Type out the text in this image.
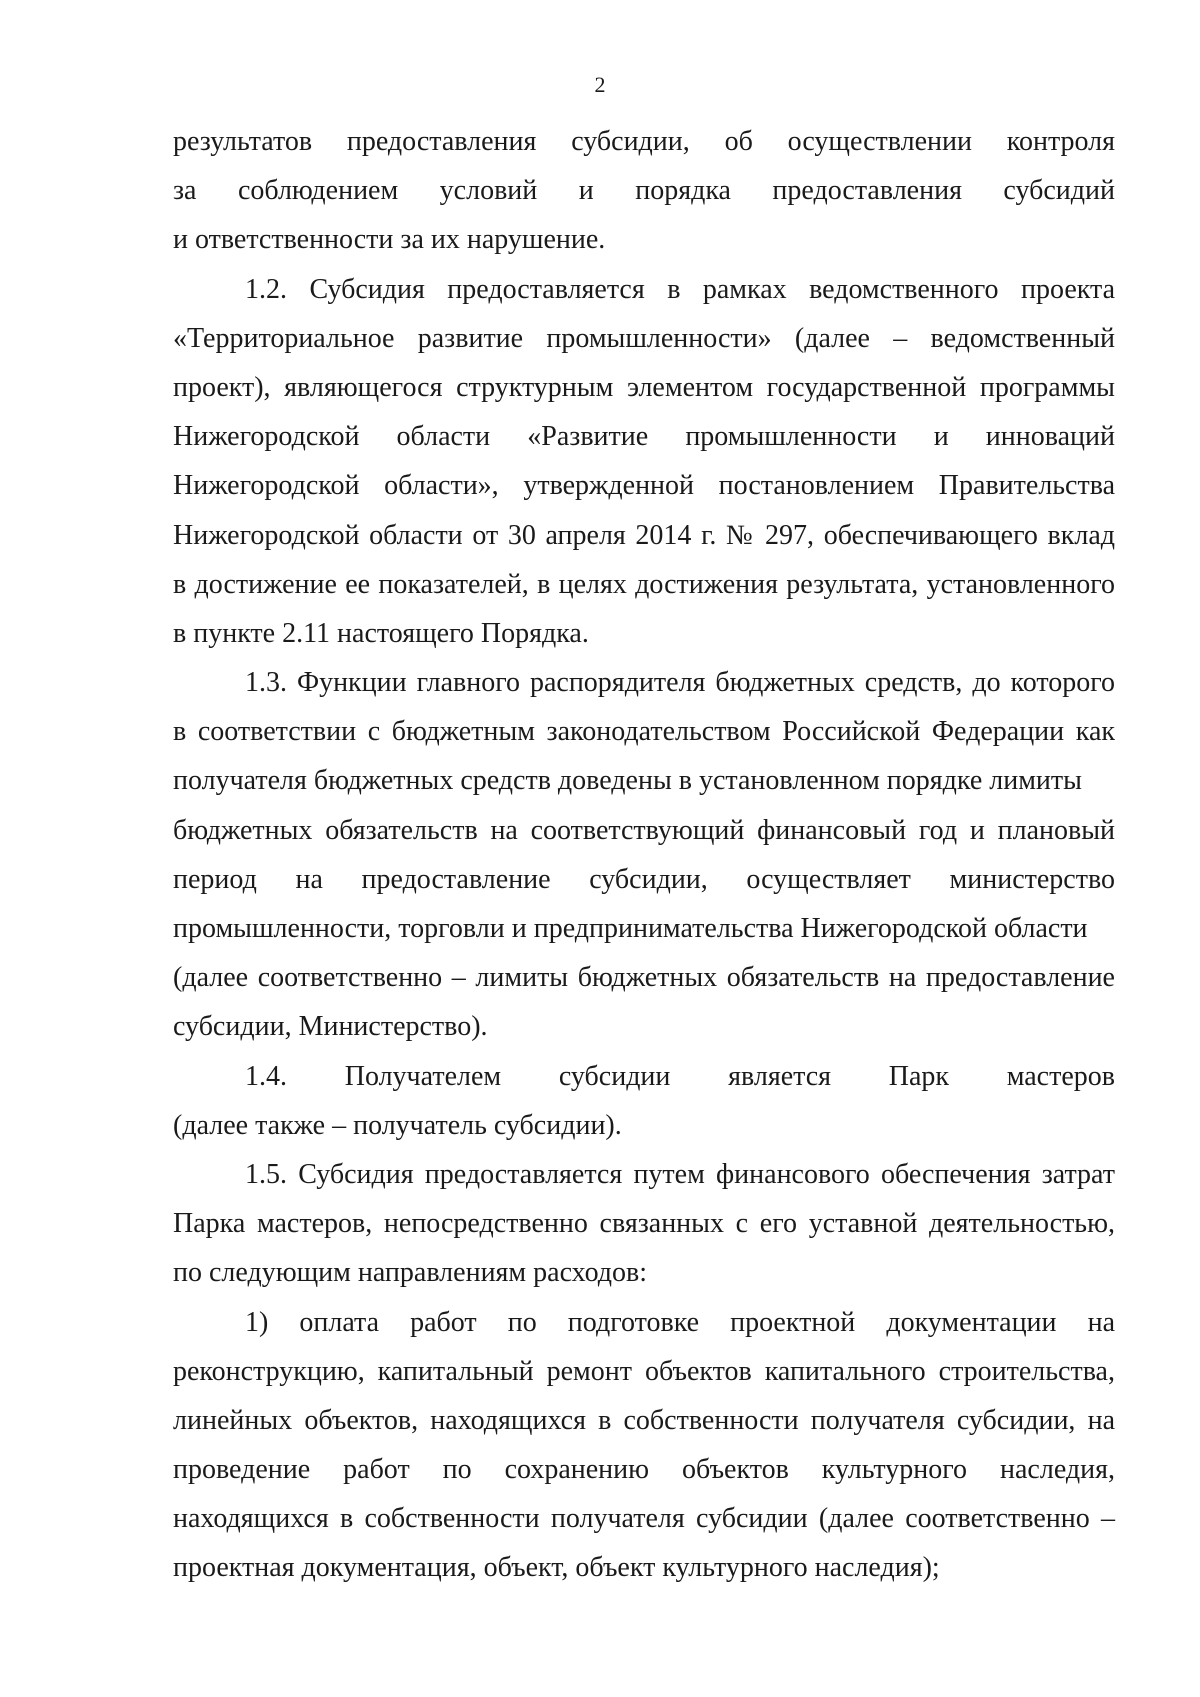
2
результатов предоставления субсидии, об осуществлении контроля
за соблюдением условий и порядка предоставления субсидий
и ответственности за их нарушение.
1.2. Субсидия предоставляется в рамках ведомственного проекта
«Территориальное развитие промышленности» (далее – ведомственный
проект), являющегося структурным элементом государственной программы
Нижегородской области «Развитие промышленности и инноваций
Нижегородской области», утвержденной постановлением Правительства
Нижегородской области от 30 апреля 2014 г. № 297, обеспечивающего вклад
в достижение ее показателей, в целях достижения результата, установленного
в пункте 2.11 настоящего Порядка.
1.3. Функции главного распорядителя бюджетных средств, до которого
в соответствии с бюджетным законодательством Российской Федерации как
получателя бюджетных средств доведены в установленном порядке лимиты
бюджетных обязательств на соответствующий финансовый год и плановый
период на предоставление субсидии, осуществляет министерство
промышленности, торговли и предпринимательства Нижегородской области
(далее соответственно – лимиты бюджетных обязательств на предоставление
субсидии, Министерство).
1.4. Получателем субсидии является Парк мастеров
(далее также – получатель субсидии).
1.5. Субсидия предоставляется путем финансового обеспечения затрат
Парка мастеров, непосредственно связанных с его уставной деятельностью,
по следующим направлениям расходов:
1) оплата работ по подготовке проектной документации на
реконструкцию, капитальный ремонт объектов капитального строительства,
линейных объектов, находящихся в собственности получателя субсидии, на
проведение работ по сохранению объектов культурного наследия,
находящихся в собственности получателя субсидии (далее соответственно –
проектная документация, объект, объект культурного наследия);
